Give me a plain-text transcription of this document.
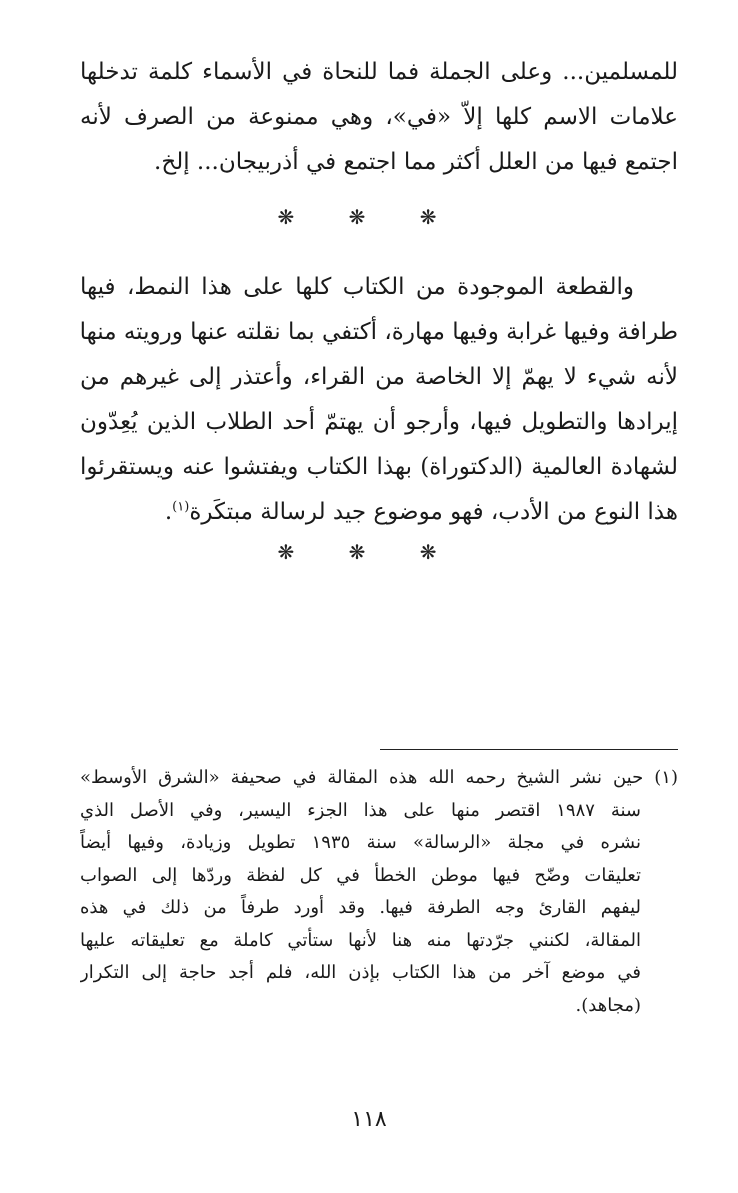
للمسلمين... وعلى الجملة فما للنحاة في الأسماء كلمة تدخلها
علامات الاسم كلها إلاّ «في»، وهي ممنوعة من الصرف لأنه
اجتمع فيها من العلل أكثر مما اجتمع في أذربيجان... إلخ.
❋ ❋ ❋
والقطعة الموجودة من الكتاب كلها على هذا النمط، فيها
طرافة وفيها غرابة وفيها مهارة، أكتفي بما نقلته عنها ورويته منها
لأنه شيء لا يهمّ إلا الخاصة من القراء، وأعتذر إلى غيرهم من
إيرادها والتطويل فيها، وأرجو أن يهتمّ أحد الطلاب الذين يُعِدّون
لشهادة العالمية (الدكتوراة) بهذا الكتاب ويفتشوا عنه ويستقرئوا
هذا النوع من الأدب، فهو موضوع جيد لرسالة مبتكَرة$^{(١)}$.
❋ ❋ ❋
(١) حين نشر الشيخ رحمه الله هذه المقالة في صحيفة «الشرق الأوسط»
سنة ١٩٨٧ اقتصر منها على هذا الجزء اليسير، وفي الأصل الذي
نشره في مجلة «الرسالة» سنة ١٩٣٥ تطويل وزيادة، وفيها أيضاً
تعليقات وضّح فيها موطن الخطأ في كل لفظة وردّها إلى الصواب
ليفهم القارئ وجه الطرفة فيها. وقد أورد طرفاً من ذلك في هذه
المقالة، لكنني جرّدتها منه هنا لأنها ستأتي كاملة مع تعليقاته عليها
في موضع آخر من هذا الكتاب بإذن الله، فلم أجد حاجة إلى التكرار
(مجاهد).
١١٨
